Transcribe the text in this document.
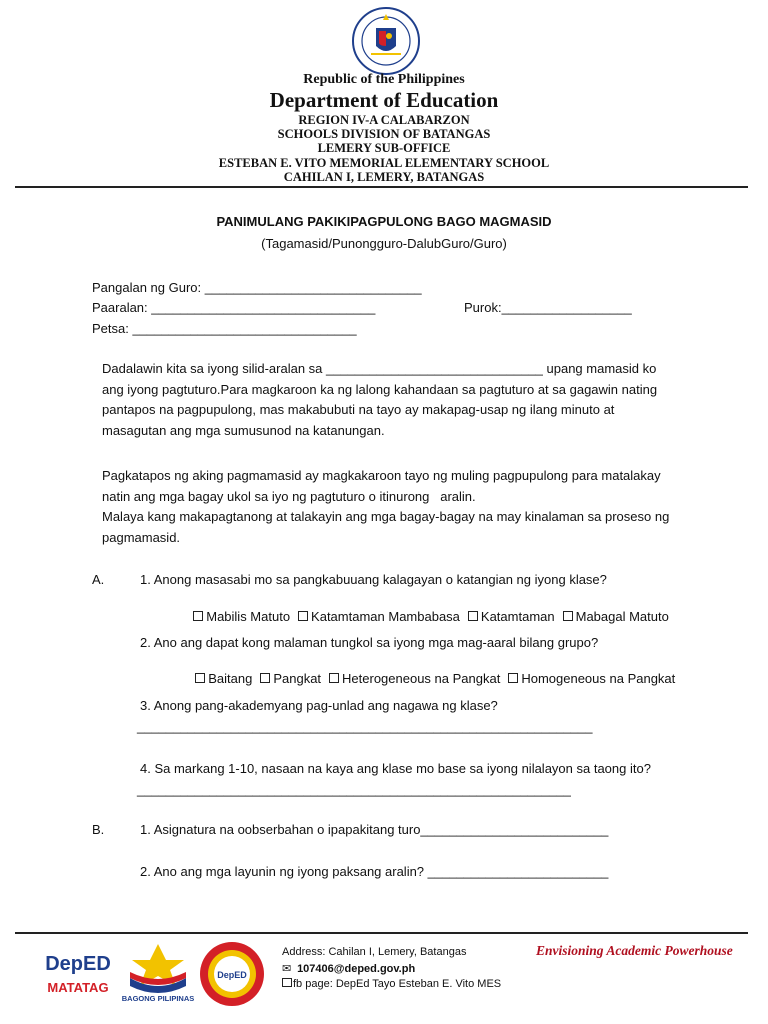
Republic of the Philippines
Department of Education
REGION IV-A CALABARZON
SCHOOLS DIVISION OF BATANGAS
LEMERY SUB-OFFICE
ESTEBAN E. VITO MEMORIAL ELEMENTARY SCHOOL
CAHILAN I, LEMERY, BATANGAS
PANIMULANG PAKIKIPAGPULONG BAGO MAGMASID
(Tagamasid/Punongguro-DalubGuro/Guro)
Pangalan ng Guro: ______________________________
Paaralan: _______________________________	Purok:__________________
Petsa: _______________________________

Dadalawin kita sa iyong silid-aralan sa ______________________________ upang mamasid ko

ang iyong pagtuturo.Para magkaroon ka ng lalong kahandaan sa pagtuturo at sa gagawin nating

pantapos na pagpupulong, mas makabubuti na tayo ay makapag-usap ng ilang minuto at

masagutan ang mga sumusunod na katanungan.

Pagkatapos ng aking pagmamasid ay magkakaroon tayo ng muling pagpupulong para matalakay

natin ang mga bagay ukol sa iyo ng pagtuturo o itinurong   aralin.

Malaya kang makapagtanong at talakayin ang mga bagay-bagay na may kinalaman sa proseso ng

pagmamasid.

A.	1. Anong masasabi mo sa pangkabuuang kalagayan o katangian ng iyong klase?

Mabilis Matuto Katamtaman Mambabasa Katamtaman Mabagal Matuto

2. Ano ang dapat kong malaman tungkol sa iyong mga mag-aaral bilang grupo?

Baitang Pangkat Heterogeneous na Pangkat Homogeneous na Pangkat

3. Anong pang-akademyang pag-unlad ang nagawa ng klase?
_______________________________________________________________
4. Sa markang 1-10, nasaan na kaya ang klase mo base sa iyong nilalayon sa taong ito?
____________________________________________________________
B.	1. Asignatura na oobserbahan o ipapakitang turo__________________________
2. Ano ang mga layunin ng iyong paksang aralin? _________________________
DepED
MATATAG
BAGONG PILIPINAS
DepED
Address: Cahilan I, Lemery, Batangas
✉ 107406@deped.gov.ph
fb page: DepEd Tayo Esteban E. Vito MES
Envisioning Academic Powerhouse
